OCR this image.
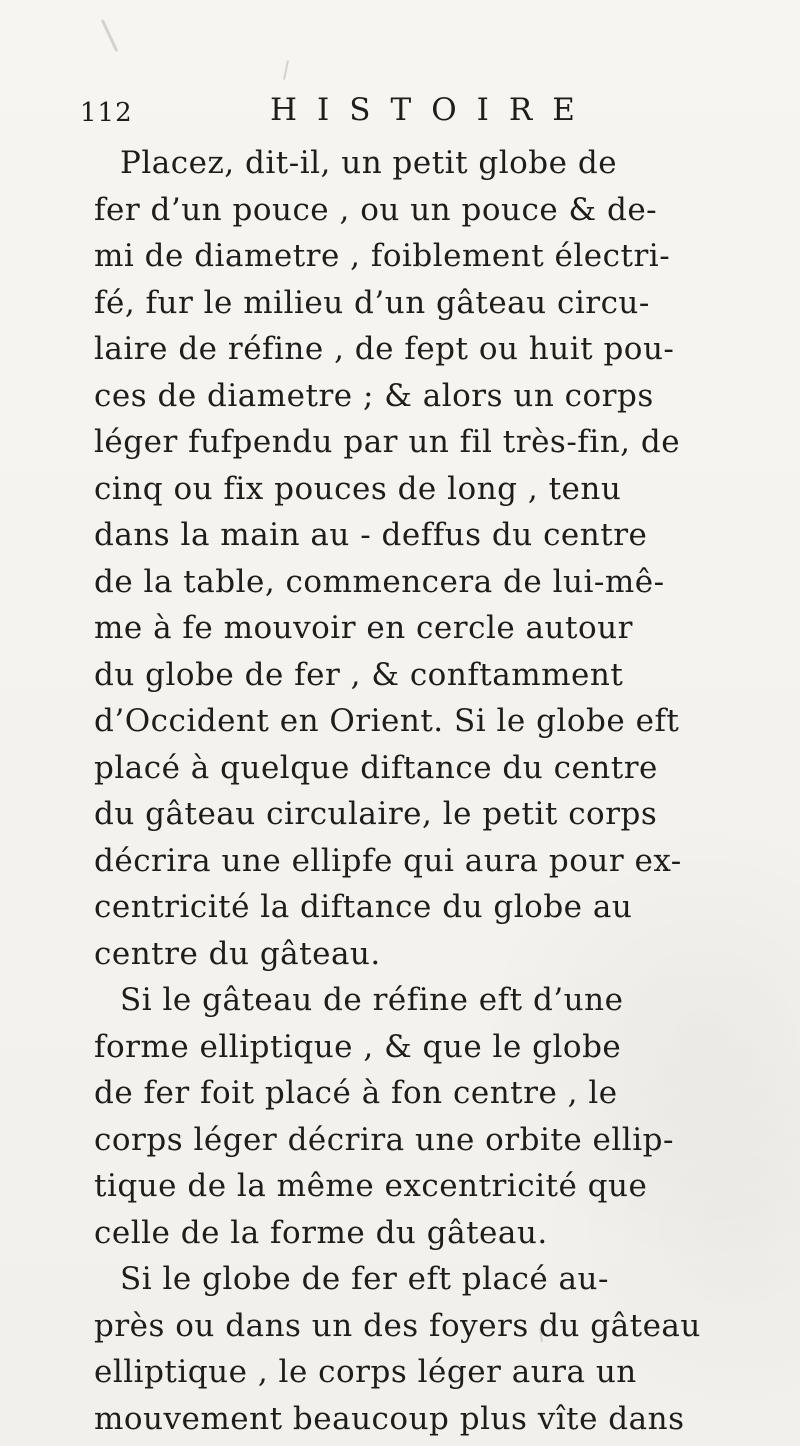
112	HISTOIRE
Placez, dit-il, un petit globe de
fer d’un pouce , ou un pouce & de-
mi de diametre , foiblement électri-
fé, fur le milieu d’un gâteau circu-
laire de réfine , de fept ou huit pou-
ces de diametre ; & alors un corps
léger fufpendu par un fil très-fin, de
cinq ou fix pouces de long , tenu
dans la main au - deffus du centre
de la table, commencera de lui-mê-
me à fe mouvoir en cercle autour
du globe de fer , & conftamment
d’Occident en Orient. Si le globe eft
placé à quelque diftance du centre
du gâteau circulaire, le petit corps
décrira une ellipfe qui aura pour ex-
centricité la diftance du globe au
centre du gâteau.
Si le gâteau de réfine eft d’une
forme elliptique , & que le globe
de fer foit placé à fon centre , le
corps léger décrira une orbite ellip-
tique de la même excentricité que
celle de la forme du gâteau.
Si le globe de fer eft placé au-
près ou dans un des foyers du gâteau
elliptique , le corps léger aura un
mouvement beaucoup plus vîte dans
